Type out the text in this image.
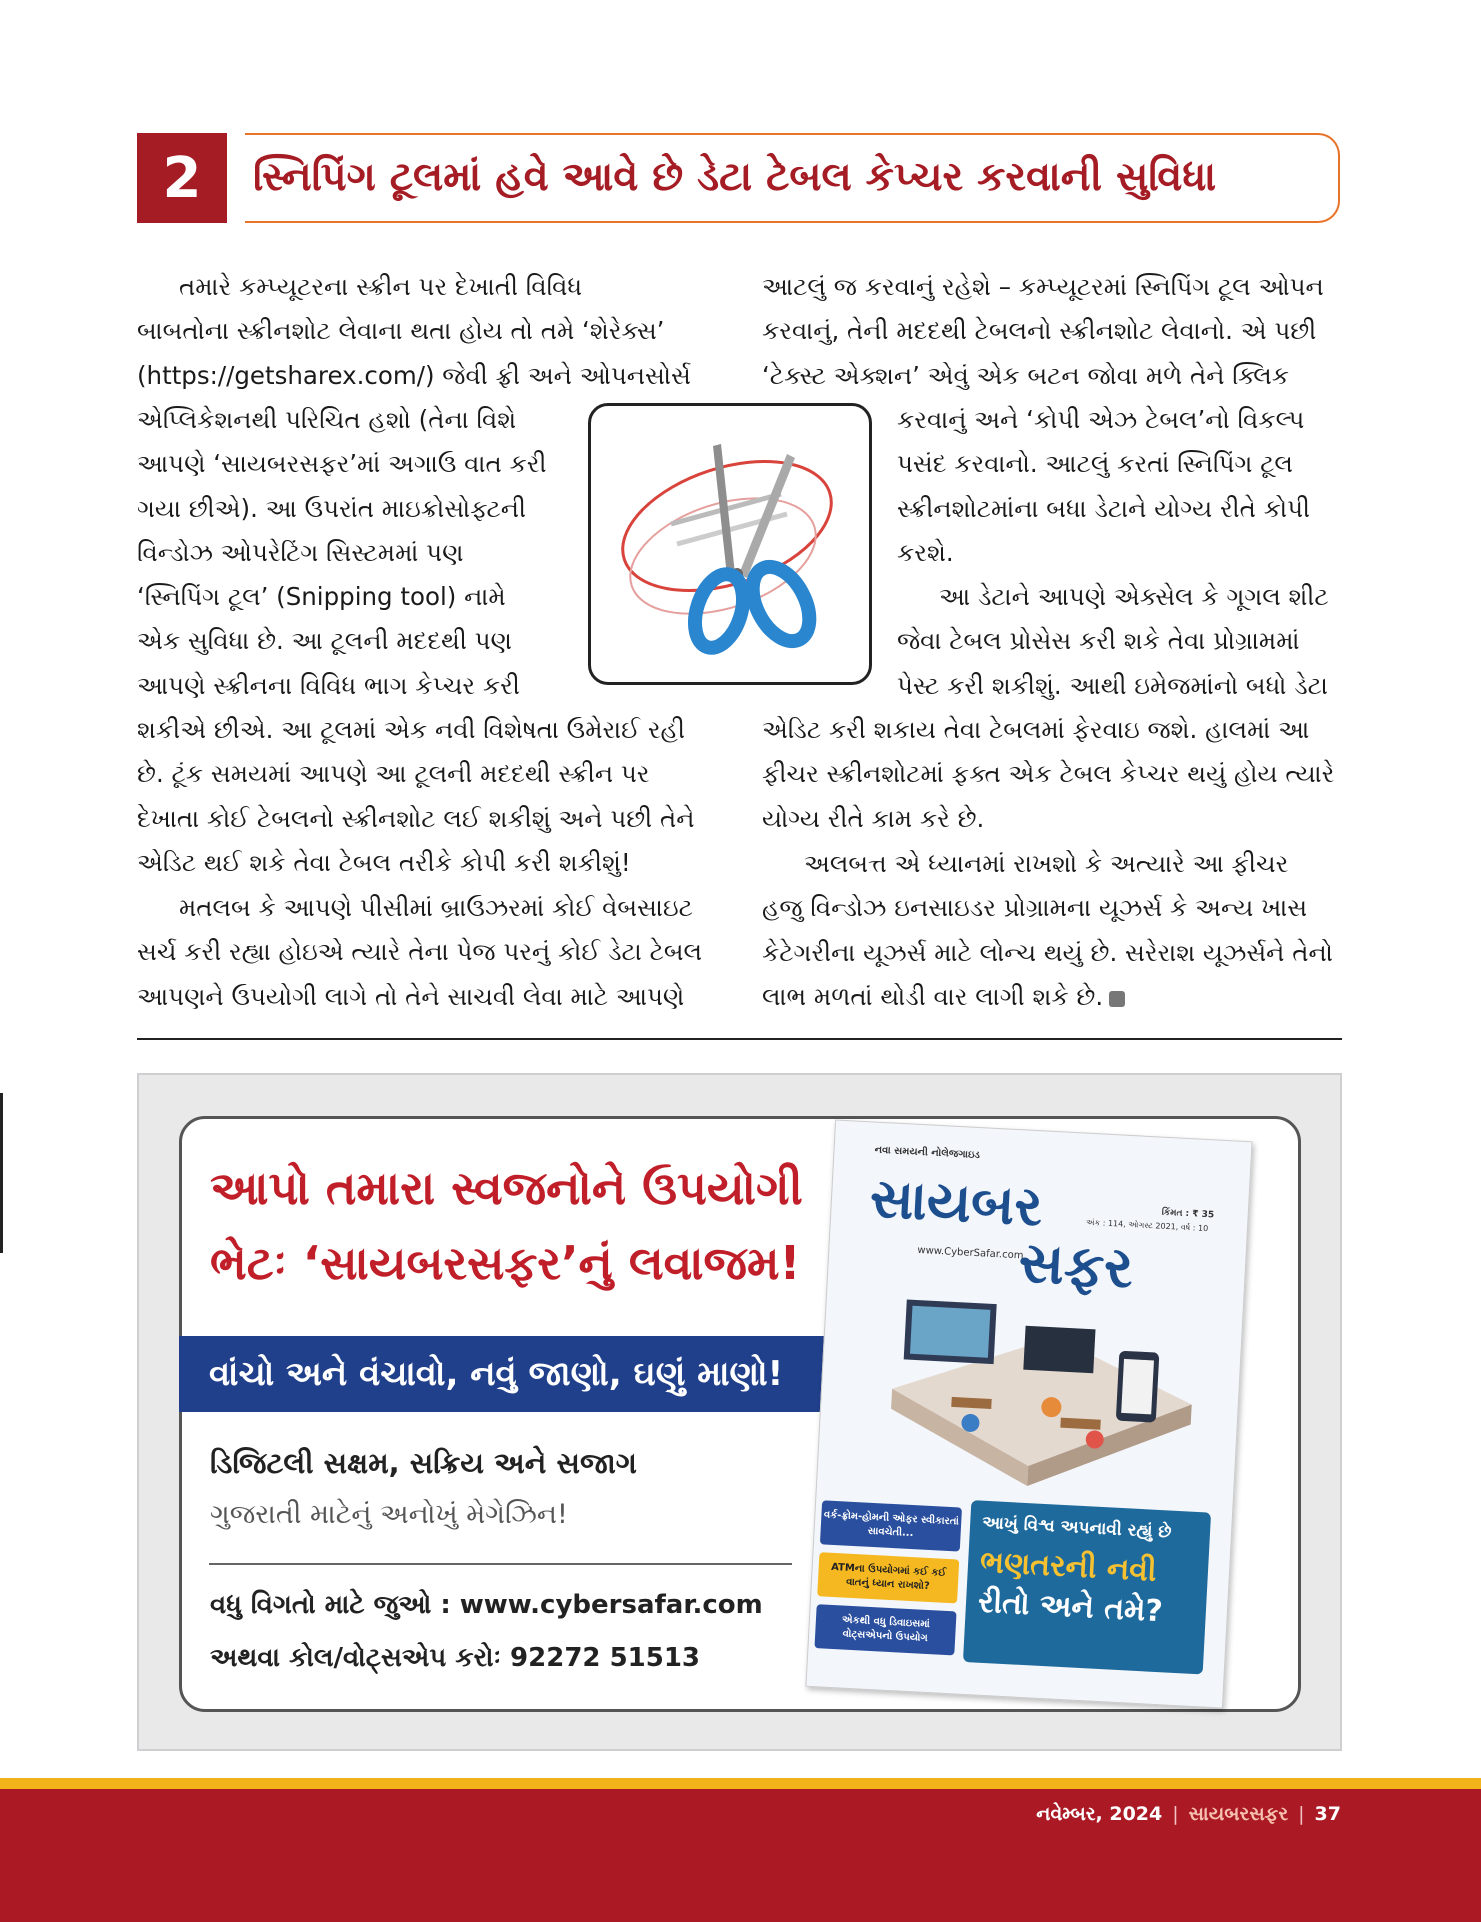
2	સ્નિપિંગ ટૂલમાં હવે આવે છે ડેટા ટેબલ કેપ્ચર કરવાની સુવિધા
તમારે કમ્પ્યૂટરના સ્ક્રીન પર દેખાતી વિવિધ
બાબતોના સ્ક્રીનશોટ લેવાના થતા હોય તો તમે ‘શેરેક્સ’
(https://getsharex.com/) જેવી ફ્રી અને ઓપનસોર્સ
એપ્લિકેશનથી પરિચિત હશો (તેના વિશે
આપણે ‘સાયબરસફર’માં અગાઉ વાત કરી
ગયા છીએ). આ ઉપરાંત માઇક્રોસોફ્ટની
વિન્ડોઝ ઓપરેટિંગ સિસ્ટમમાં પણ
‘સ્નિપિંગ ટૂલ’ (Snipping tool) નામે
એક સુવિધા છે. આ ટૂલની મદદથી પણ
આપણે સ્ક્રીનના વિવિધ ભાગ કેપ્ચર કરી
શકીએ છીએ. આ ટૂલમાં એક નવી વિશેષતા ઉમેરાઈ રહી
છે. ટૂંક સમયમાં આપણે આ ટૂલની મદદથી સ્ક્રીન પર
દેખાતા કોઈ ટેબલનો સ્ક્રીનશોટ લઈ શકીશું અને પછી તેને
એડિટ થઈ શકે તેવા ટેબલ તરીકે કોપી કરી શકીશું!
મતલબ કે આપણે પીસીમાં બ્રાઉઝરમાં કોઈ વેબસાઇટ
સર્ચ કરી રહ્યા હોઇએ ત્યારે તેના પેજ પરનું કોઈ ડેટા ટેબલ
આપણને ઉપયોગી લાગે તો તેને સાચવી લેવા માટે આપણે
આટલું જ કરવાનું રહેશે – કમ્પ્યૂટરમાં સ્નિપિંગ ટૂલ ઓપન
કરવાનું, તેની મદદથી ટેબલનો સ્ક્રીનશોટ લેવાનો. એ પછી
‘ટેક્સ્ટ એક્શન’ એવું એક બટન જોવા મળે તેને ક્લિક
કરવાનું અને ‘કોપી એઝ ટેબલ’નો વિકલ્પ
પસંદ કરવાનો. આટલું કરતાં સ્નિપિંગ ટૂલ
સ્ક્રીનશોટમાંના બધા ડેટાને યોગ્ય રીતે કોપી
કરશે.
આ ડેટાને આપણે એક્સેલ કે ગૂગલ શીટ
જેવા ટેબલ પ્રોસેસ કરી શકે તેવા પ્રોગ્રામમાં
પેસ્ટ કરી શકીશું. આથી ઇમેજમાંનો બધો ડેટા
એડિટ કરી શકાય તેવા ટેબલમાં ફેરવાઇ જશે. હાલમાં આ
ફીચર સ્ક્રીનશોટમાં ફક્ત એક ટેબલ કેપ્ચર થયું હોય ત્યારે
યોગ્ય રીતે કામ કરે છે.
અલબત્ત એ ધ્યાનમાં રાખશો કે અત્યારે આ ફીચર
હજુ વિન્ડોઝ ઇનસાઇડર પ્રોગ્રામના યૂઝર્સ કે અન્ય ખાસ
કેટેગરીના યૂઝર્સ માટે લોન્ચ થયું છે. સરેરાશ યૂઝર્સને તેનો
લાભ મળતાં થોડી વાર લાગી શકે છે.
આપો તમારા સ્વજનોને ઉપયોગી
ભેટઃ ‘સાયબરસફર’નું લવાજમ!
વાંચો અને વંચાવો, નવું જાણો, ઘણું માણો!
ડિજિટલી સક્ષમ, સક્રિય અને સજાગ
ગુજરાતી માટેનું અનોખું મેગેઝિન!
વધુ વિગતો માટે જુઓ : www.cybersafar.com
અથવા કોલ/વોટ્સએપ કરોઃ 92272 51513
નવા સમયની નોલેજગાઇડ
સાયબર
સફર
કિંમત : ₹ 35
અંક : 114, ઓગસ્ટ 2021, વર્ષ : 10
www.CyberSafar.com
વર્ક-ફ્રોમ-હોમની ઓફર સ્વીકારતાં સાવચેતી...
ATMના ઉપયોગમાં કઈ કઈ વાતનું ધ્યાન રાખશો?
એકથી વધુ ડિવાઇસમાં વોટ્સએપનો ઉપયોગ
આખું વિશ્વ અપનાવી રહ્યું છે
ભણતરની નવી
રીતો અને તમે?
નવેમ્બર, 2024 | સાયબરસફર | 37
